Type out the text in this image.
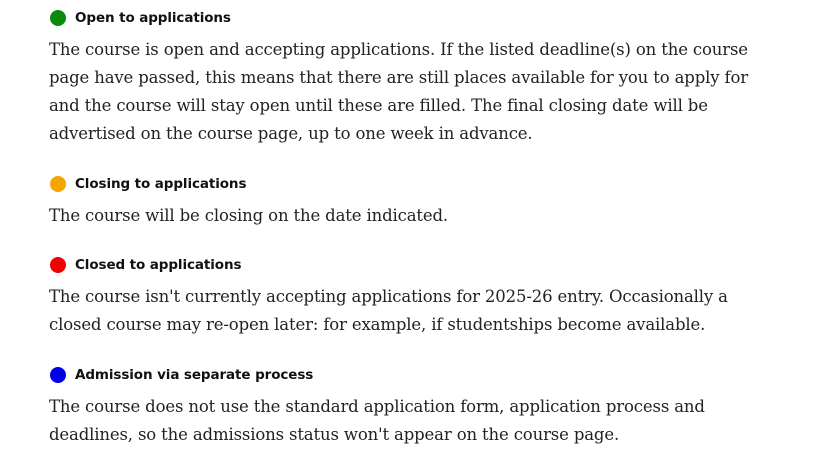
Open to applications

The course is open and accepting applications. If the listed deadline(s) on the course page have passed, this means that there are still places available for you to apply for and the course will stay open until these are filled. The final closing date will be advertised on the course page, up to one week in advance.

Closing to applications

The course will be closing on the date indicated.

Closed to applications

The course isn't currently accepting applications for 2025-26 entry. Occasionally a closed course may re-open later: for example, if studentships become available.

Admission via separate process

The course does not use the standard application form, application process and deadlines, so the admissions status won't appear on the course page.
